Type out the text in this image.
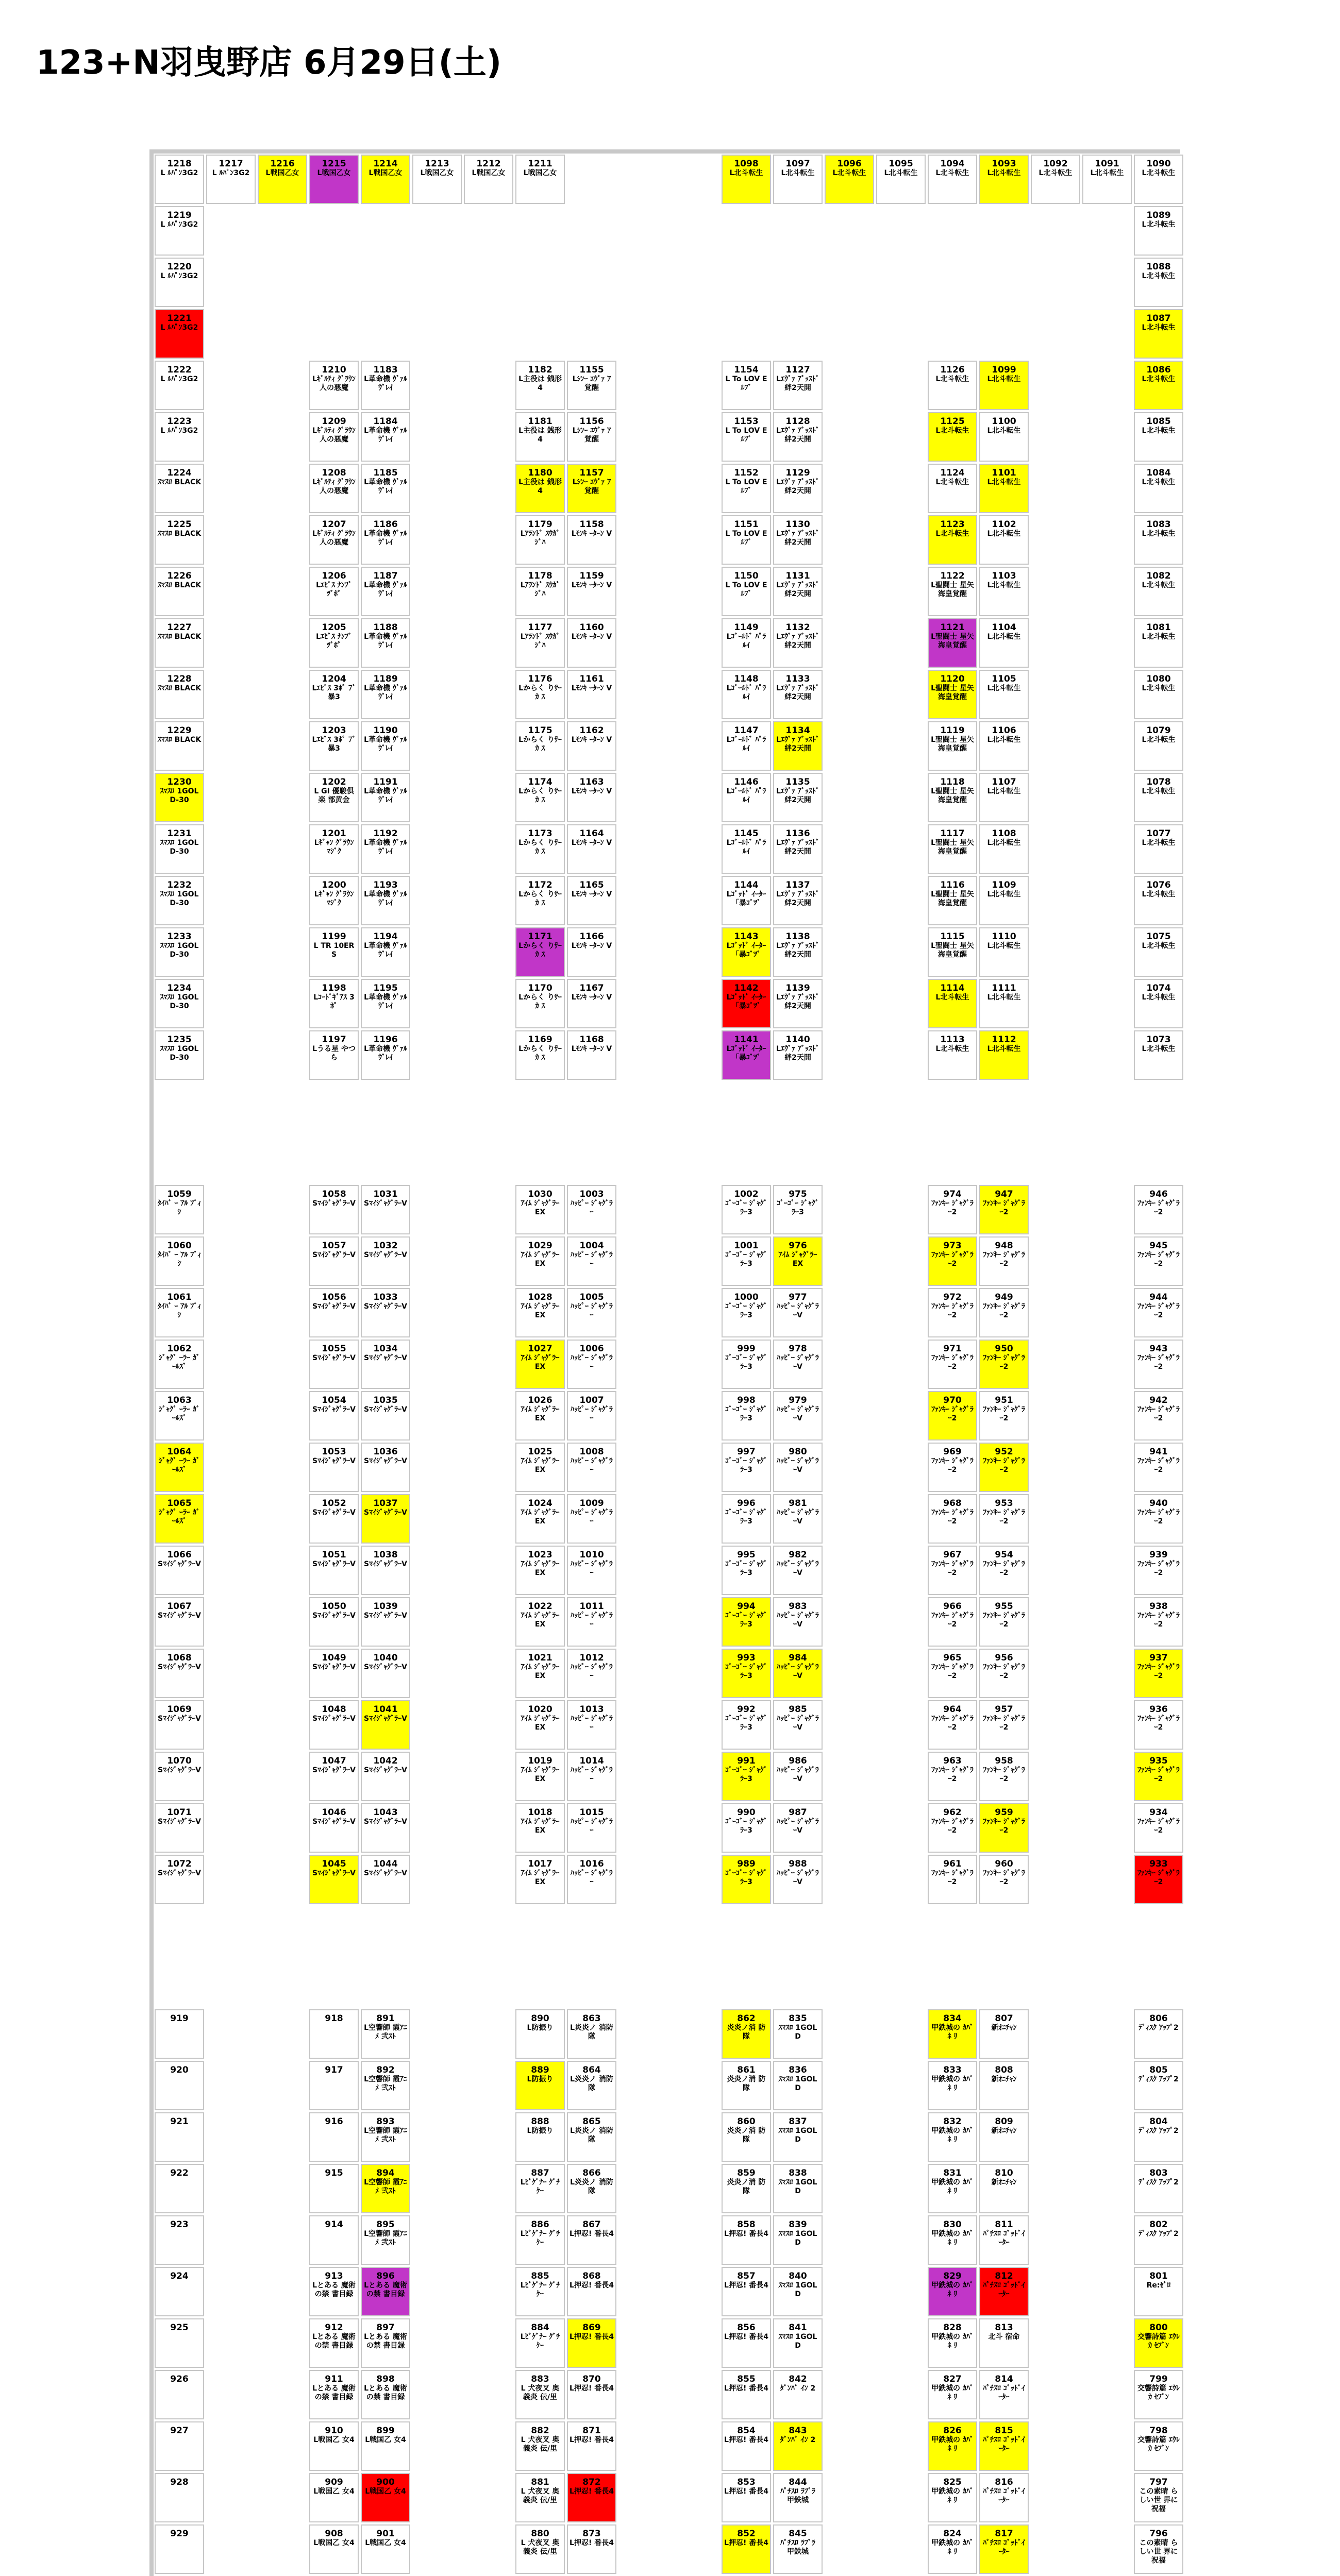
123+N羽曳野店 6月29日(土)
1218
L ﾙﾊﾟﾝ3G2
1217
L ﾙﾊﾟﾝ3G2
1216
L戦国乙女
1215
L戦国乙女
1214
L戦国乙女
1213
L戦国乙女
1212
L戦国乙女
1211
L戦国乙女
1098
L北斗転生
1097
L北斗転生
1096
L北斗転生
1095
L北斗転生
1094
L北斗転生
1093
L北斗転生
1092
L北斗転生
1091
L北斗転生
1090
L北斗転生
1219
L ﾙﾊﾟﾝ3G2
1220
L ﾙﾊﾟﾝ3G2
1221
L ﾙﾊﾟﾝ3G2
1222
L ﾙﾊﾟﾝ3G2
1223
L ﾙﾊﾟﾝ3G2
1224
ｽﾏｽﾛ BLACK
1225
ｽﾏｽﾛ BLACK
1226
ｽﾏｽﾛ BLACK
1227
ｽﾏｽﾛ BLACK
1228
ｽﾏｽﾛ BLACK
1229
ｽﾏｽﾛ BLACK
1230
ｽﾏｽﾛ 1GOL D-30
1231
ｽﾏｽﾛ 1GOL D-30
1232
ｽﾏｽﾛ 1GOL D-30
1233
ｽﾏｽﾛ 1GOL D-30
1234
ｽﾏｽﾛ 1GOL D-30
1235
ｽﾏｽﾛ 1GOL D-30
1210
Lｷﾞﾙﾃｨ ｸﾞﾗｳﾝ 人の悪魔
1209
Lｷﾞﾙﾃｨ ｸﾞﾗｳﾝ 人の悪魔
1208
Lｷﾞﾙﾃｨ ｸﾞﾗｳﾝ 人の悪魔
1207
Lｷﾞﾙﾃｨ ｸﾞﾗｳﾝ 人の悪魔
1206
Lｴﾋﾞｽ ﾅﾝﾌﾞ ﾂﾞﾎﾟ
1205
Lｴﾋﾞｽ ﾅﾝﾌﾞ ﾂﾞﾎﾟ
1204
Lｴﾋﾞｽ 3ﾎﾟ 7ﾞ暴3
1203
Lｴﾋﾞｽ 3ﾎﾟ 7ﾞ暴3
1202
L GI 優駿倶楽 部黄金
1201
Lｷﾞｬﾝ ｸﾞﾗｳﾝ ﾏｼﾞｸ
1200
Lｷﾞｬﾝ ｸﾞﾗｳﾝ ﾏｼﾞｸ
1199
L TR 10ER S
1198
Lｺｰﾄﾞｷﾞｱｽ 3ﾎﾟ
1197
Lうる星 やつら
1183
L革命機 ｳﾞｧﾙ ｳﾞﾚｲ
1184
L革命機 ｳﾞｧﾙ ｳﾞﾚｲ
1185
L革命機 ｳﾞｧﾙ ｳﾞﾚｲ
1186
L革命機 ｳﾞｧﾙ ｳﾞﾚｲ
1187
L革命機 ｳﾞｧﾙ ｳﾞﾚｲ
1188
L革命機 ｳﾞｧﾙ ｳﾞﾚｲ
1189
L革命機 ｳﾞｧﾙ ｳﾞﾚｲ
1190
L革命機 ｳﾞｧﾙ ｳﾞﾚｲ
1191
L革命機 ｳﾞｧﾙ ｳﾞﾚｲ
1192
L革命機 ｳﾞｧﾙ ｳﾞﾚｲ
1193
L革命機 ｳﾞｧﾙ ｳﾞﾚｲ
1194
L革命機 ｳﾞｧﾙ ｳﾞﾚｲ
1195
L革命機 ｳﾞｧﾙ ｳﾞﾚｲ
1196
L革命機 ｳﾞｧﾙ ｳﾞﾚｲ
1182
L主役は 銭形4
1181
L主役は 銭形4
1180
L主役は 銭形4
1179
Lｱﾗﾝﾄﾞ ｽｳｶﾞ ｼﾞﾊ
1178
Lｱﾗﾝﾄﾞ ｽｳｶﾞ ｼﾞﾊ
1177
Lｱﾗﾝﾄﾞ ｽｳｶﾞ ｼﾞﾊ
1176
Lからく りｻｰｶ ｽ
1175
Lからく りｻｰｶ ｽ
1174
Lからく りｻｰｶ ｽ
1173
Lからく りｻｰｶ ｽ
1172
Lからく りｻｰｶ ｽ
1171
Lからく りｻｰｶ ｽ
1170
Lからく りｻｰｶ ｽ
1169
Lからく りｻｰｶ ｽ
1155
Lｼﾝｰ ｴｳﾞｧ ｱ 覚醒
1156
Lｼﾝｰ ｴｳﾞｧ ｱ 覚醒
1157
Lｼﾝｰ ｴｳﾞｧ ｱ 覚醒
1158
Lﾓﾝｷ ｰﾀｰﾝ V
1159
Lﾓﾝｷ ｰﾀｰﾝ V
1160
Lﾓﾝｷ ｰﾀｰﾝ V
1161
Lﾓﾝｷ ｰﾀｰﾝ V
1162
Lﾓﾝｷ ｰﾀｰﾝ V
1163
Lﾓﾝｷ ｰﾀｰﾝ V
1164
Lﾓﾝｷ ｰﾀｰﾝ V
1165
Lﾓﾝｷ ｰﾀｰﾝ V
1166
Lﾓﾝｷ ｰﾀｰﾝ V
1167
Lﾓﾝｷ ｰﾀｰﾝ V
1168
Lﾓﾝｷ ｰﾀｰﾝ V
1154
L To LOV Eﾙﾌﾞ
1153
L To LOV Eﾙﾌﾞ
1152
L To LOV Eﾙﾌﾞ
1151
L To LOV Eﾙﾌﾞ
1150
L To LOV Eﾙﾌﾞ
1149
Lｺﾞｰﾙﾄﾞ ﾊﾟﾗ ﾙｲ
1148
Lｺﾞｰﾙﾄﾞ ﾊﾟﾗ ﾙｲ
1147
Lｺﾞｰﾙﾄﾞ ﾊﾟﾗ ﾙｲ
1146
Lｺﾞｰﾙﾄﾞ ﾊﾟﾗ ﾙｲ
1145
Lｺﾞｰﾙﾄﾞ ﾊﾟﾗ ﾙｲ
1144
Lｺﾞｯﾄﾞ ｲｰﾀｰ 「暴ｺﾞﾂﾞ
1143
Lｺﾞｯﾄﾞ ｲｰﾀｰ 「暴ｺﾞﾂﾞ
1142
Lｺﾞｯﾄﾞ ｲｰﾀｰ 「暴ｺﾞﾂﾞ
1141
Lｺﾞｯﾄﾞ ｲｰﾀｰ 「暴ｺﾞﾂﾞ
1127
Lｴｳﾞｧ ｱﾞｯｽﾄﾞ 絆2天開
1128
Lｴｳﾞｧ ｱﾞｯｽﾄﾞ 絆2天開
1129
Lｴｳﾞｧ ｱﾞｯｽﾄﾞ 絆2天開
1130
Lｴｳﾞｧ ｱﾞｯｽﾄﾞ 絆2天開
1131
Lｴｳﾞｧ ｱﾞｯｽﾄﾞ 絆2天開
1132
Lｴｳﾞｧ ｱﾞｯｽﾄﾞ 絆2天開
1133
Lｴｳﾞｧ ｱﾞｯｽﾄﾞ 絆2天開
1134
Lｴｳﾞｧ ｱﾞｯｽﾄﾞ 絆2天開
1135
Lｴｳﾞｧ ｱﾞｯｽﾄﾞ 絆2天開
1136
Lｴｳﾞｧ ｱﾞｯｽﾄﾞ 絆2天開
1137
Lｴｳﾞｧ ｱﾞｯｽﾄﾞ 絆2天開
1138
Lｴｳﾞｧ ｱﾞｯｽﾄﾞ 絆2天開
1139
Lｴｳﾞｧ ｱﾞｯｽﾄﾞ 絆2天開
1140
Lｴｳﾞｧ ｱﾞｯｽﾄﾞ 絆2天開
1126
L北斗転生
1125
L北斗転生
1124
L北斗転生
1123
L北斗転生
1122
L聖闘士 星矢 海皇覚醒
1121
L聖闘士 星矢 海皇覚醒
1120
L聖闘士 星矢 海皇覚醒
1119
L聖闘士 星矢 海皇覚醒
1118
L聖闘士 星矢 海皇覚醒
1117
L聖闘士 星矢 海皇覚醒
1116
L聖闘士 星矢 海皇覚醒
1115
L聖闘士 星矢 海皇覚醒
1114
L北斗転生
1113
L北斗転生
1099
L北斗転生
1100
L北斗転生
1101
L北斗転生
1102
L北斗転生
1103
L北斗転生
1104
L北斗転生
1105
L北斗転生
1106
L北斗転生
1107
L北斗転生
1108
L北斗転生
1109
L北斗転生
1110
L北斗転生
1111
L北斗転生
1112
L北斗転生
1089
L北斗転生
1088
L北斗転生
1087
L北斗転生
1086
L北斗転生
1085
L北斗転生
1084
L北斗転生
1083
L北斗転生
1082
L北斗転生
1081
L北斗転生
1080
L北斗転生
1079
L北斗転生
1078
L北斗転生
1077
L北斗転生
1076
L北斗転生
1075
L北斗転生
1074
L北斗転生
1073
L北斗転生
1059
ﾀｲﾊﾞ ｰ ｱﾙ ﾌﾞｨｼ
1060
ﾀｲﾊﾞ ｰ ｱﾙ ﾌﾞｨｼ
1061
ﾀｲﾊﾞ ｰ ｱﾙ ﾌﾞｨｼ
1062
ｼﾞｬｸﾞ ｰﾗｰ ｶﾞｰﾙｽﾞ
1063
ｼﾞｬｸﾞ ｰﾗｰ ｶﾞｰﾙｽﾞ
1064
ｼﾞｬｸﾞ ｰﾗｰ ｶﾞｰﾙｽﾞ
1065
ｼﾞｬｸﾞ ｰﾗｰ ｶﾞｰﾙｽﾞ
1066
SﾏｲｼﾞｬｸﾞﾗｰV
1067
SﾏｲｼﾞｬｸﾞﾗｰV
1068
SﾏｲｼﾞｬｸﾞﾗｰV
1069
SﾏｲｼﾞｬｸﾞﾗｰV
1070
SﾏｲｼﾞｬｸﾞﾗｰV
1071
SﾏｲｼﾞｬｸﾞﾗｰV
1072
SﾏｲｼﾞｬｸﾞﾗｰV
1058
SﾏｲｼﾞｬｸﾞﾗｰV
1057
SﾏｲｼﾞｬｸﾞﾗｰV
1056
SﾏｲｼﾞｬｸﾞﾗｰV
1055
SﾏｲｼﾞｬｸﾞﾗｰV
1054
SﾏｲｼﾞｬｸﾞﾗｰV
1053
SﾏｲｼﾞｬｸﾞﾗｰV
1052
SﾏｲｼﾞｬｸﾞﾗｰV
1051
SﾏｲｼﾞｬｸﾞﾗｰV
1050
SﾏｲｼﾞｬｸﾞﾗｰV
1049
SﾏｲｼﾞｬｸﾞﾗｰV
1048
SﾏｲｼﾞｬｸﾞﾗｰV
1047
SﾏｲｼﾞｬｸﾞﾗｰV
1046
SﾏｲｼﾞｬｸﾞﾗｰV
1045
SﾏｲｼﾞｬｸﾞﾗｰV
1031
SﾏｲｼﾞｬｸﾞﾗｰV
1032
SﾏｲｼﾞｬｸﾞﾗｰV
1033
SﾏｲｼﾞｬｸﾞﾗｰV
1034
SﾏｲｼﾞｬｸﾞﾗｰV
1035
SﾏｲｼﾞｬｸﾞﾗｰV
1036
SﾏｲｼﾞｬｸﾞﾗｰV
1037
SﾏｲｼﾞｬｸﾞﾗｰV
1038
SﾏｲｼﾞｬｸﾞﾗｰV
1039
SﾏｲｼﾞｬｸﾞﾗｰV
1040
SﾏｲｼﾞｬｸﾞﾗｰV
1041
SﾏｲｼﾞｬｸﾞﾗｰV
1042
SﾏｲｼﾞｬｸﾞﾗｰV
1043
SﾏｲｼﾞｬｸﾞﾗｰV
1044
SﾏｲｼﾞｬｸﾞﾗｰV
1030
ｱｲﾑ ｼﾞｬｸﾞﾗｰ EX
1029
ｱｲﾑ ｼﾞｬｸﾞﾗｰ EX
1028
ｱｲﾑ ｼﾞｬｸﾞﾗｰ EX
1027
ｱｲﾑ ｼﾞｬｸﾞﾗｰ EX
1026
ｱｲﾑ ｼﾞｬｸﾞﾗｰ EX
1025
ｱｲﾑ ｼﾞｬｸﾞﾗｰ EX
1024
ｱｲﾑ ｼﾞｬｸﾞﾗｰ EX
1023
ｱｲﾑ ｼﾞｬｸﾞﾗｰ EX
1022
ｱｲﾑ ｼﾞｬｸﾞﾗｰ EX
1021
ｱｲﾑ ｼﾞｬｸﾞﾗｰ EX
1020
ｱｲﾑ ｼﾞｬｸﾞﾗｰ EX
1019
ｱｲﾑ ｼﾞｬｸﾞﾗｰ EX
1018
ｱｲﾑ ｼﾞｬｸﾞﾗｰ EX
1017
ｱｲﾑ ｼﾞｬｸﾞﾗｰ EX
1003
ﾊｯﾋﾟｰ ｼﾞｬｸﾞﾗｰ
1004
ﾊｯﾋﾟｰ ｼﾞｬｸﾞﾗｰ
1005
ﾊｯﾋﾟｰ ｼﾞｬｸﾞﾗｰ
1006
ﾊｯﾋﾟｰ ｼﾞｬｸﾞﾗｰ
1007
ﾊｯﾋﾟｰ ｼﾞｬｸﾞﾗｰ
1008
ﾊｯﾋﾟｰ ｼﾞｬｸﾞﾗｰ
1009
ﾊｯﾋﾟｰ ｼﾞｬｸﾞﾗｰ
1010
ﾊｯﾋﾟｰ ｼﾞｬｸﾞﾗｰ
1011
ﾊｯﾋﾟｰ ｼﾞｬｸﾞﾗｰ
1012
ﾊｯﾋﾟｰ ｼﾞｬｸﾞﾗｰ
1013
ﾊｯﾋﾟｰ ｼﾞｬｸﾞﾗｰ
1014
ﾊｯﾋﾟｰ ｼﾞｬｸﾞﾗｰ
1015
ﾊｯﾋﾟｰ ｼﾞｬｸﾞﾗｰ
1016
ﾊｯﾋﾟｰ ｼﾞｬｸﾞﾗｰ
1002
ｺﾞｰｺﾞｰ ｼﾞｬｸﾞﾗｰ3
1001
ｺﾞｰｺﾞｰ ｼﾞｬｸﾞﾗｰ3
1000
ｺﾞｰｺﾞｰ ｼﾞｬｸﾞﾗｰ3
999
ｺﾞｰｺﾞｰ ｼﾞｬｸﾞﾗｰ3
998
ｺﾞｰｺﾞｰ ｼﾞｬｸﾞﾗｰ3
997
ｺﾞｰｺﾞｰ ｼﾞｬｸﾞﾗｰ3
996
ｺﾞｰｺﾞｰ ｼﾞｬｸﾞﾗｰ3
995
ｺﾞｰｺﾞｰ ｼﾞｬｸﾞﾗｰ3
994
ｺﾞｰｺﾞｰ ｼﾞｬｸﾞﾗｰ3
993
ｺﾞｰｺﾞｰ ｼﾞｬｸﾞﾗｰ3
992
ｺﾞｰｺﾞｰ ｼﾞｬｸﾞﾗｰ3
991
ｺﾞｰｺﾞｰ ｼﾞｬｸﾞﾗｰ3
990
ｺﾞｰｺﾞｰ ｼﾞｬｸﾞﾗｰ3
989
ｺﾞｰｺﾞｰ ｼﾞｬｸﾞﾗｰ3
975
ｺﾞｰｺﾞｰ ｼﾞｬｸﾞﾗｰ3
976
ｱｲﾑ ｼﾞｬｸﾞﾗｰ EX
977
ﾊｯﾋﾟｰ ｼﾞｬｸﾞﾗｰV
978
ﾊｯﾋﾟｰ ｼﾞｬｸﾞﾗｰV
979
ﾊｯﾋﾟｰ ｼﾞｬｸﾞﾗｰV
980
ﾊｯﾋﾟｰ ｼﾞｬｸﾞﾗｰV
981
ﾊｯﾋﾟｰ ｼﾞｬｸﾞﾗｰV
982
ﾊｯﾋﾟｰ ｼﾞｬｸﾞﾗｰV
983
ﾊｯﾋﾟｰ ｼﾞｬｸﾞﾗｰV
984
ﾊｯﾋﾟｰ ｼﾞｬｸﾞﾗｰV
985
ﾊｯﾋﾟｰ ｼﾞｬｸﾞﾗｰV
986
ﾊｯﾋﾟｰ ｼﾞｬｸﾞﾗｰV
987
ﾊｯﾋﾟｰ ｼﾞｬｸﾞﾗｰV
988
ﾊｯﾋﾟｰ ｼﾞｬｸﾞﾗｰV
974
ﾌｧﾝｷｰ ｼﾞｬｸﾞﾗｰ2
973
ﾌｧﾝｷｰ ｼﾞｬｸﾞﾗｰ2
972
ﾌｧﾝｷｰ ｼﾞｬｸﾞﾗｰ2
971
ﾌｧﾝｷｰ ｼﾞｬｸﾞﾗｰ2
970
ﾌｧﾝｷｰ ｼﾞｬｸﾞﾗｰ2
969
ﾌｧﾝｷｰ ｼﾞｬｸﾞﾗｰ2
968
ﾌｧﾝｷｰ ｼﾞｬｸﾞﾗｰ2
967
ﾌｧﾝｷｰ ｼﾞｬｸﾞﾗｰ2
966
ﾌｧﾝｷｰ ｼﾞｬｸﾞﾗｰ2
965
ﾌｧﾝｷｰ ｼﾞｬｸﾞﾗｰ2
964
ﾌｧﾝｷｰ ｼﾞｬｸﾞﾗｰ2
963
ﾌｧﾝｷｰ ｼﾞｬｸﾞﾗｰ2
962
ﾌｧﾝｷｰ ｼﾞｬｸﾞﾗｰ2
961
ﾌｧﾝｷｰ ｼﾞｬｸﾞﾗｰ2
947
ﾌｧﾝｷｰ ｼﾞｬｸﾞﾗｰ2
948
ﾌｧﾝｷｰ ｼﾞｬｸﾞﾗｰ2
949
ﾌｧﾝｷｰ ｼﾞｬｸﾞﾗｰ2
950
ﾌｧﾝｷｰ ｼﾞｬｸﾞﾗｰ2
951
ﾌｧﾝｷｰ ｼﾞｬｸﾞﾗｰ2
952
ﾌｧﾝｷｰ ｼﾞｬｸﾞﾗｰ2
953
ﾌｧﾝｷｰ ｼﾞｬｸﾞﾗｰ2
954
ﾌｧﾝｷｰ ｼﾞｬｸﾞﾗｰ2
955
ﾌｧﾝｷｰ ｼﾞｬｸﾞﾗｰ2
956
ﾌｧﾝｷｰ ｼﾞｬｸﾞﾗｰ2
957
ﾌｧﾝｷｰ ｼﾞｬｸﾞﾗｰ2
958
ﾌｧﾝｷｰ ｼﾞｬｸﾞﾗｰ2
959
ﾌｧﾝｷｰ ｼﾞｬｸﾞﾗｰ2
960
ﾌｧﾝｷｰ ｼﾞｬｸﾞﾗｰ2
946
ﾌｧﾝｷｰ ｼﾞｬｸﾞﾗｰ2
945
ﾌｧﾝｷｰ ｼﾞｬｸﾞﾗｰ2
944
ﾌｧﾝｷｰ ｼﾞｬｸﾞﾗｰ2
943
ﾌｧﾝｷｰ ｼﾞｬｸﾞﾗｰ2
942
ﾌｧﾝｷｰ ｼﾞｬｸﾞﾗｰ2
941
ﾌｧﾝｷｰ ｼﾞｬｸﾞﾗｰ2
940
ﾌｧﾝｷｰ ｼﾞｬｸﾞﾗｰ2
939
ﾌｧﾝｷｰ ｼﾞｬｸﾞﾗｰ2
938
ﾌｧﾝｷｰ ｼﾞｬｸﾞﾗｰ2
937
ﾌｧﾝｷｰ ｼﾞｬｸﾞﾗｰ2
936
ﾌｧﾝｷｰ ｼﾞｬｸﾞﾗｰ2
935
ﾌｧﾝｷｰ ｼﾞｬｸﾞﾗｰ2
934
ﾌｧﾝｷｰ ｼﾞｬｸﾞﾗｰ2
933
ﾌｧﾝｷｰ ｼﾞｬｸﾞﾗｰ2
919
920
921
922
923
924
925
926
927
928
929
918
917
916
915
914
913
Lとある 魔術の禁 書目録
912
Lとある 魔術の禁 書目録
911
Lとある 魔術の禁 書目録
910
L戦国乙 女4
909
L戦国乙 女4
908
L戦国乙 女4
891
L空響師 霞ｱﾆﾒ 弐ｽﾄ
892
L空響師 霞ｱﾆﾒ 弐ｽﾄ
893
L空響師 霞ｱﾆﾒ 弐ｽﾄ
894
L空響師 霞ｱﾆﾒ 弐ｽﾄ
895
L空響師 霞ｱﾆﾒ 弐ｽﾄ
896
Lとある 魔術の禁 書目録
897
Lとある 魔術の禁 書目録
898
Lとある 魔術の禁 書目録
899
L戦国乙 女4
900
L戦国乙 女4
901
L戦国乙 女4
890
L防振り
889
L防振り
888
L防振り
887
Lﾋﾞｹﾞﾅｰ ｸﾞﾁ ｹｰ
886
Lﾋﾞｹﾞﾅｰ ｸﾞﾁ ｹｰ
885
Lﾋﾞｹﾞﾅｰ ｸﾞﾁ ｹｰ
884
Lﾋﾞｹﾞﾅｰ ｸﾞﾁ ｹｰ
883
L 犬夜叉 奥義炎 伝/里
882
L 犬夜叉 奥義炎 伝/里
881
L 犬夜叉 奥義炎 伝/里
880
L 犬夜叉 奥義炎 伝/里
863
L炎炎ノ 消防隊
864
L炎炎ノ 消防隊
865
L炎炎ノ 消防隊
866
L炎炎ノ 消防隊
867
L押忍! 番長4
868
L押忍! 番長4
869
L押忍! 番長4
870
L押忍! 番長4
871
L押忍! 番長4
872
L押忍! 番長4
873
L押忍! 番長4
862
炎炎ノ消 防隊
861
炎炎ノ消 防隊
860
炎炎ノ消 防隊
859
炎炎ノ消 防隊
858
L押忍! 番長4
857
L押忍! 番長4
856
L押忍! 番長4
855
L押忍! 番長4
854
L押忍! 番長4
853
L押忍! 番長4
852
L押忍! 番長4
835
ｽﾏｽﾛ 1GOL D
836
ｽﾏｽﾛ 1GOL D
837
ｽﾏｽﾛ 1GOL D
838
ｽﾏｽﾛ 1GOL D
839
ｽﾏｽﾛ 1GOL D
840
ｽﾏｽﾛ 1GOL D
841
ｽﾏｽﾛ 1GOL D
842
ﾀﾞﾝﾊﾞ ｲﾝ 2
843
ﾀﾞﾝﾊﾞ ｲﾝ 2
844
ﾊﾟﾁｽﾛ ﾗﾌﾞﾗ 甲鉄城
845
ﾊﾟﾁｽﾛ ﾗﾌﾞﾗ 甲鉄城
834
甲鉄城の ｶﾊﾞﾈ ﾘ
833
甲鉄城の ｶﾊﾞﾈ ﾘ
832
甲鉄城の ｶﾊﾞﾈ ﾘ
831
甲鉄城の ｶﾊﾞﾈ ﾘ
830
甲鉄城の ｶﾊﾞﾈ ﾘ
829
甲鉄城の ｶﾊﾞﾈ ﾘ
828
甲鉄城の ｶﾊﾞﾈ ﾘ
827
甲鉄城の ｶﾊﾞﾈ ﾘ
826
甲鉄城の ｶﾊﾞﾈ ﾘ
825
甲鉄城の ｶﾊﾞﾈ ﾘ
824
甲鉄城の ｶﾊﾞﾈ ﾘ
807
新ｵﾆﾁｬﾝ
808
新ｵﾆﾁｬﾝ
809
新ｵﾆﾁｬﾝ
810
新ｵﾆﾁｬﾝ
811
ﾊﾟﾁｽﾛ ｺﾞｯﾄﾞｲｰﾀｰ
812
ﾊﾟﾁｽﾛ ｺﾞｯﾄﾞｲｰﾀｰ
813
北斗 宿命
814
ﾊﾟﾁｽﾛ ｺﾞｯﾄﾞｲｰﾀｰ
815
ﾊﾟﾁｽﾛ ｺﾞｯﾄﾞｲｰﾀｰ
816
ﾊﾟﾁｽﾛ ｺﾞｯﾄﾞｲｰﾀｰ
817
ﾊﾟﾁｽﾛ ｺﾞｯﾄﾞｲｰﾀｰ
806
ﾃﾞｨｽｸ ｱｯﾌﾟ2
805
ﾃﾞｨｽｸ ｱｯﾌﾟ2
804
ﾃﾞｨｽｸ ｱｯﾌﾟ2
803
ﾃﾞｨｽｸ ｱｯﾌﾟ2
802
ﾃﾞｨｽｸ ｱｯﾌﾟ2
801
Re:ｾﾞﾛ
800
交響詩篇 ｴｳﾚｶ ｾﾌﾞﾝ
799
交響詩篇 ｴｳﾚｶ ｾﾌﾞﾝ
798
交響詩篇 ｴｳﾚｶ ｾﾌﾞﾝ
797
この素晴 らしい世 界に祝福
796
この素晴 らしい世 界に祝福
